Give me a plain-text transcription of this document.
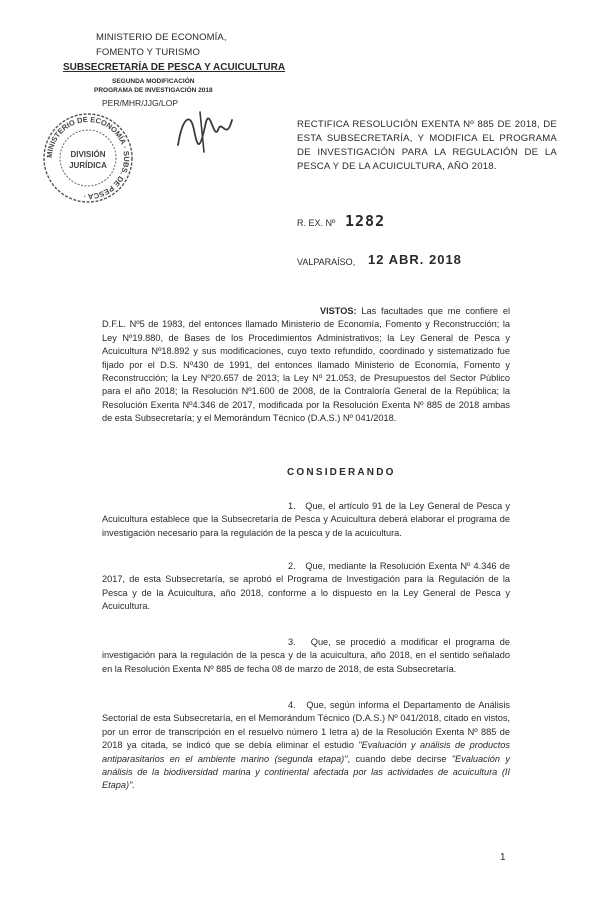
MINISTERIO DE ECONOMÍA,
FOMENTO Y TURISMO
SUBSECRETARÍA DE PESCA Y ACUICULTURA
SEGUNDA MODIFICACIÓN
PROGRAMA DE INVESTIGACIÓN 2018
PER/MHR/JJG/LOP
MINISTERIO DE ECONOMÍA · SUBS. DE PESCA ·
DIVISIÓN
JURÍDICA
RECTIFICA RESOLUCIÓN EXENTA Nº 885 DE 2018, DE ESTA SUBSECRETARÍA, Y MODIFICA EL PROGRAMA DE INVESTIGACIÓN PARA LA REGULACIÓN DE LA PESCA Y DE LA ACUICULTURA, AÑO 2018.
R. EX. Nº 1282
VALPARAÍSO, 12 ABR. 2018

VISTOS: Las facultades que me confiere el D.F.L. Nº5 de 1983, del entonces llamado Ministerio de Economía, Fomento y Reconstrucción; la Ley Nº19.880, de Bases de los Procedimientos Administrativos; la Ley General de Pesca y Acuicultura Nº18.892 y sus modificaciones, cuyo texto refundido, coordinado y sistematizado fue fijado por el D.S. Nº430 de 1991, del entonces llamado Ministerio de Economía, Fomento y Reconstrucción; la Ley Nº20.657 de 2013; la Ley Nº 21.053, de Presupuestos del Sector Público para el año 2018; la Resolución Nº1.600 de 2008, de la Contraloría General de la República; la Resolución Exenta Nº4.346 de 2017, modificada por la Resolución Exenta Nº 885 de 2018 ambas de esta Subsecretaría; y el Memorándum Técnico (D.A.S.) Nº 041/2018.

CONSIDERANDO

1. Que, el artículo 91 de la Ley General de Pesca y Acuicultura establece que la Subsecretaría de Pesca y Acuicultura deberá elaborar el programa de investigación necesario para la regulación de la pesca y de la acuicultura.

2. Que, mediante la Resolución Exenta Nº 4.346 de 2017, de esta Subsecretaría, se aprobó el Programa de Investigación para la Regulación de la Pesca y de la Acuicultura, año 2018, conforme a lo dispuesto en la Ley General de Pesca y Acuicultura.

3. Que, se procedió a modificar el programa de investigación para la regulación de la pesca y de la acuicultura, año 2018, en el sentido señalado en la Resolución Exenta Nº 885 de fecha 08 de marzo de 2018, de esta Subsecretaría.

4. Que, según informa el Departamento de Análisis Sectorial de esta Subsecretaría, en el Memorándum Técnico (D.A.S.) Nº 041/2018, citado en vistos, por un error de transcripción en el resuelvo número 1 letra a) de la Resolución Exenta Nº 885 de 2018 ya citada, se indicó que se debía eliminar el estudio "Evaluación y análisis de productos antiparasitarios en el ambiente marino (segunda etapa)", cuando debe decirse "Evaluación y análisis de la biodiversidad marina y continental afectada por las actividades de acuicultura (II Etapa)".

1
